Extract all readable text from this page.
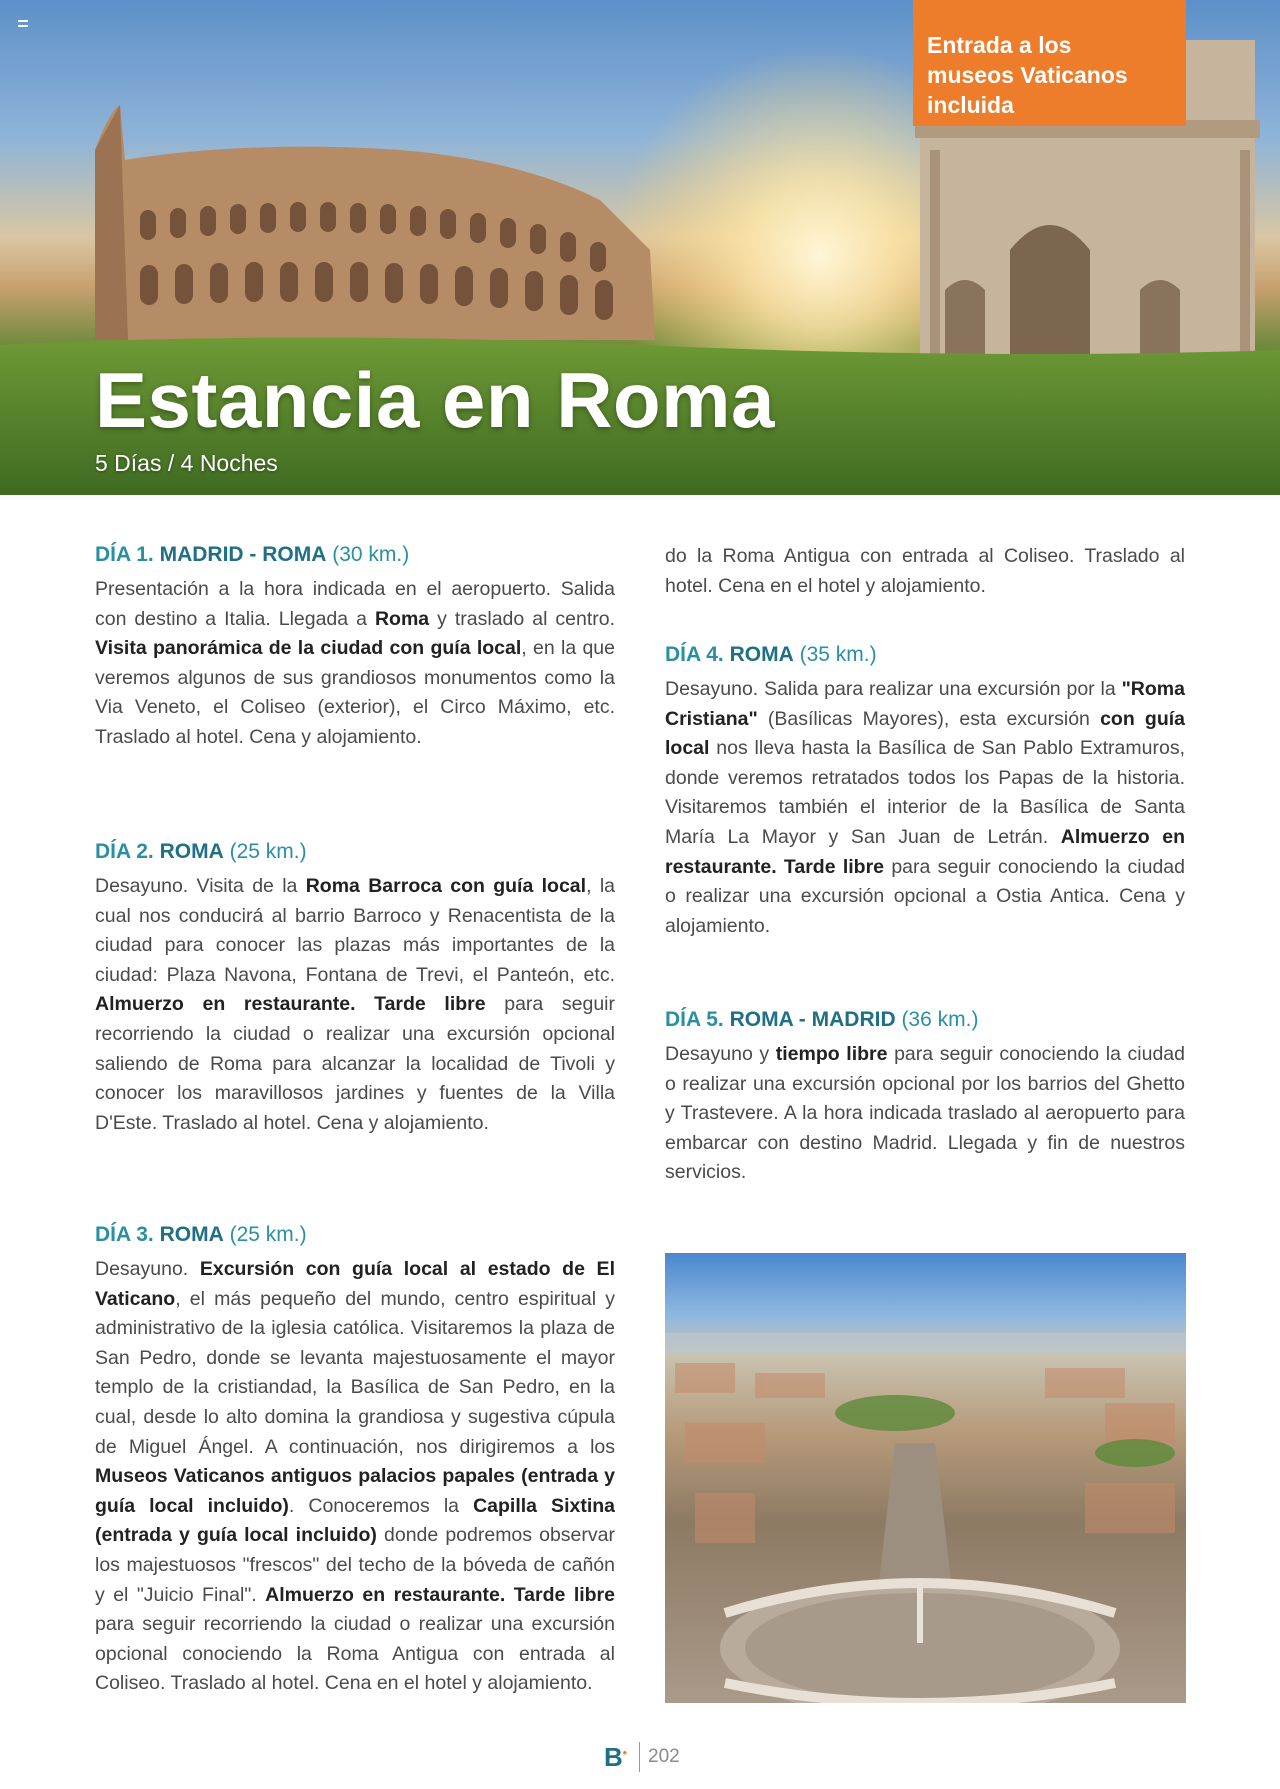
Entrada a los
museos Vaticanos
incluida
Estancia en Roma
5 Días / 4 Noches
DÍA 1. MADRID - ROMA (30 km.)

Presentación a la hora indicada en el aeropuerto. Salida con destino a Italia. Llegada a Roma y traslado al centro. Visita panorámica de la ciudad con guía local, en la que veremos algunos de sus grandiosos monumentos como la Via Veneto, el Coliseo (exterior), el Circo Máximo, etc. Traslado al hotel. Cena y alojamiento.

DÍA 2. ROMA (25 km.)

Desayuno. Visita de la Roma Barroca con guía local, la cual nos conducirá al barrio Barroco y Renacentista de la ciudad para conocer las plazas más importantes de la ciudad: Plaza Navona, Fontana de Trevi, el Panteón, etc. Almuerzo en restaurante. Tarde libre para seguir recorriendo la ciudad o realizar una excursión opcional saliendo de Roma para alcanzar la localidad de Tivoli y conocer los maravillosos jardines y fuentes de la Villa D'Este. Traslado al hotel. Cena y alojamiento.

DÍA 3. ROMA (25 km.)

Desayuno. Excursión con guía local al estado de El Vaticano, el más pequeño del mundo, centro espiritual y administrativo de la iglesia católica. Visitaremos la plaza de San Pedro, donde se levanta majestuosamente el mayor templo de la cristiandad, la Basílica de San Pedro, en la cual, desde lo alto domina la grandiosa y sugestiva cúpula de Miguel Ángel. A continuación, nos dirigiremos a los Museos Vaticanos antiguos palacios papales (entrada y guía local incluido). Conoceremos la Capilla Sixtina (entrada y guía local incluido) donde podremos observar los majestuosos "frescos" del techo de la bóveda de cañón y el "Juicio Final". Almuerzo en restaurante. Tarde libre para seguir recorriendo la ciudad o realizar una excursión opcional conociendo la Roma Antigua con entrada al Coliseo. Traslado al hotel. Cena en el hotel y alojamiento.

do la Roma Antigua con entrada al Coliseo. Traslado al hotel. Cena en el hotel y alojamiento.

DÍA 4. ROMA (35 km.)

Desayuno. Salida para realizar una excursión por la "Roma Cristiana" (Basílicas Mayores), esta excursión con guía local nos lleva hasta la Basílica de San Pablo Extramuros, donde veremos retratados todos los Papas de la historia. Visitaremos también el interior de la Basílica de Santa María La Mayor y San Juan de Letrán. Almuerzo en restaurante. Tarde libre para seguir conociendo la ciudad o realizar una excursión opcional a Ostia Antica. Cena y alojamiento.

DÍA 5. ROMA - MADRID (36 km.)

Desayuno y tiempo libre para seguir conociendo la ciudad o realizar una excursión opcional por los barrios del Ghetto y Trastevere. A la hora indicada traslado al aeropuerto para embarcar con destino Madrid. Llegada y fin de nuestros servicios.

B• 202
